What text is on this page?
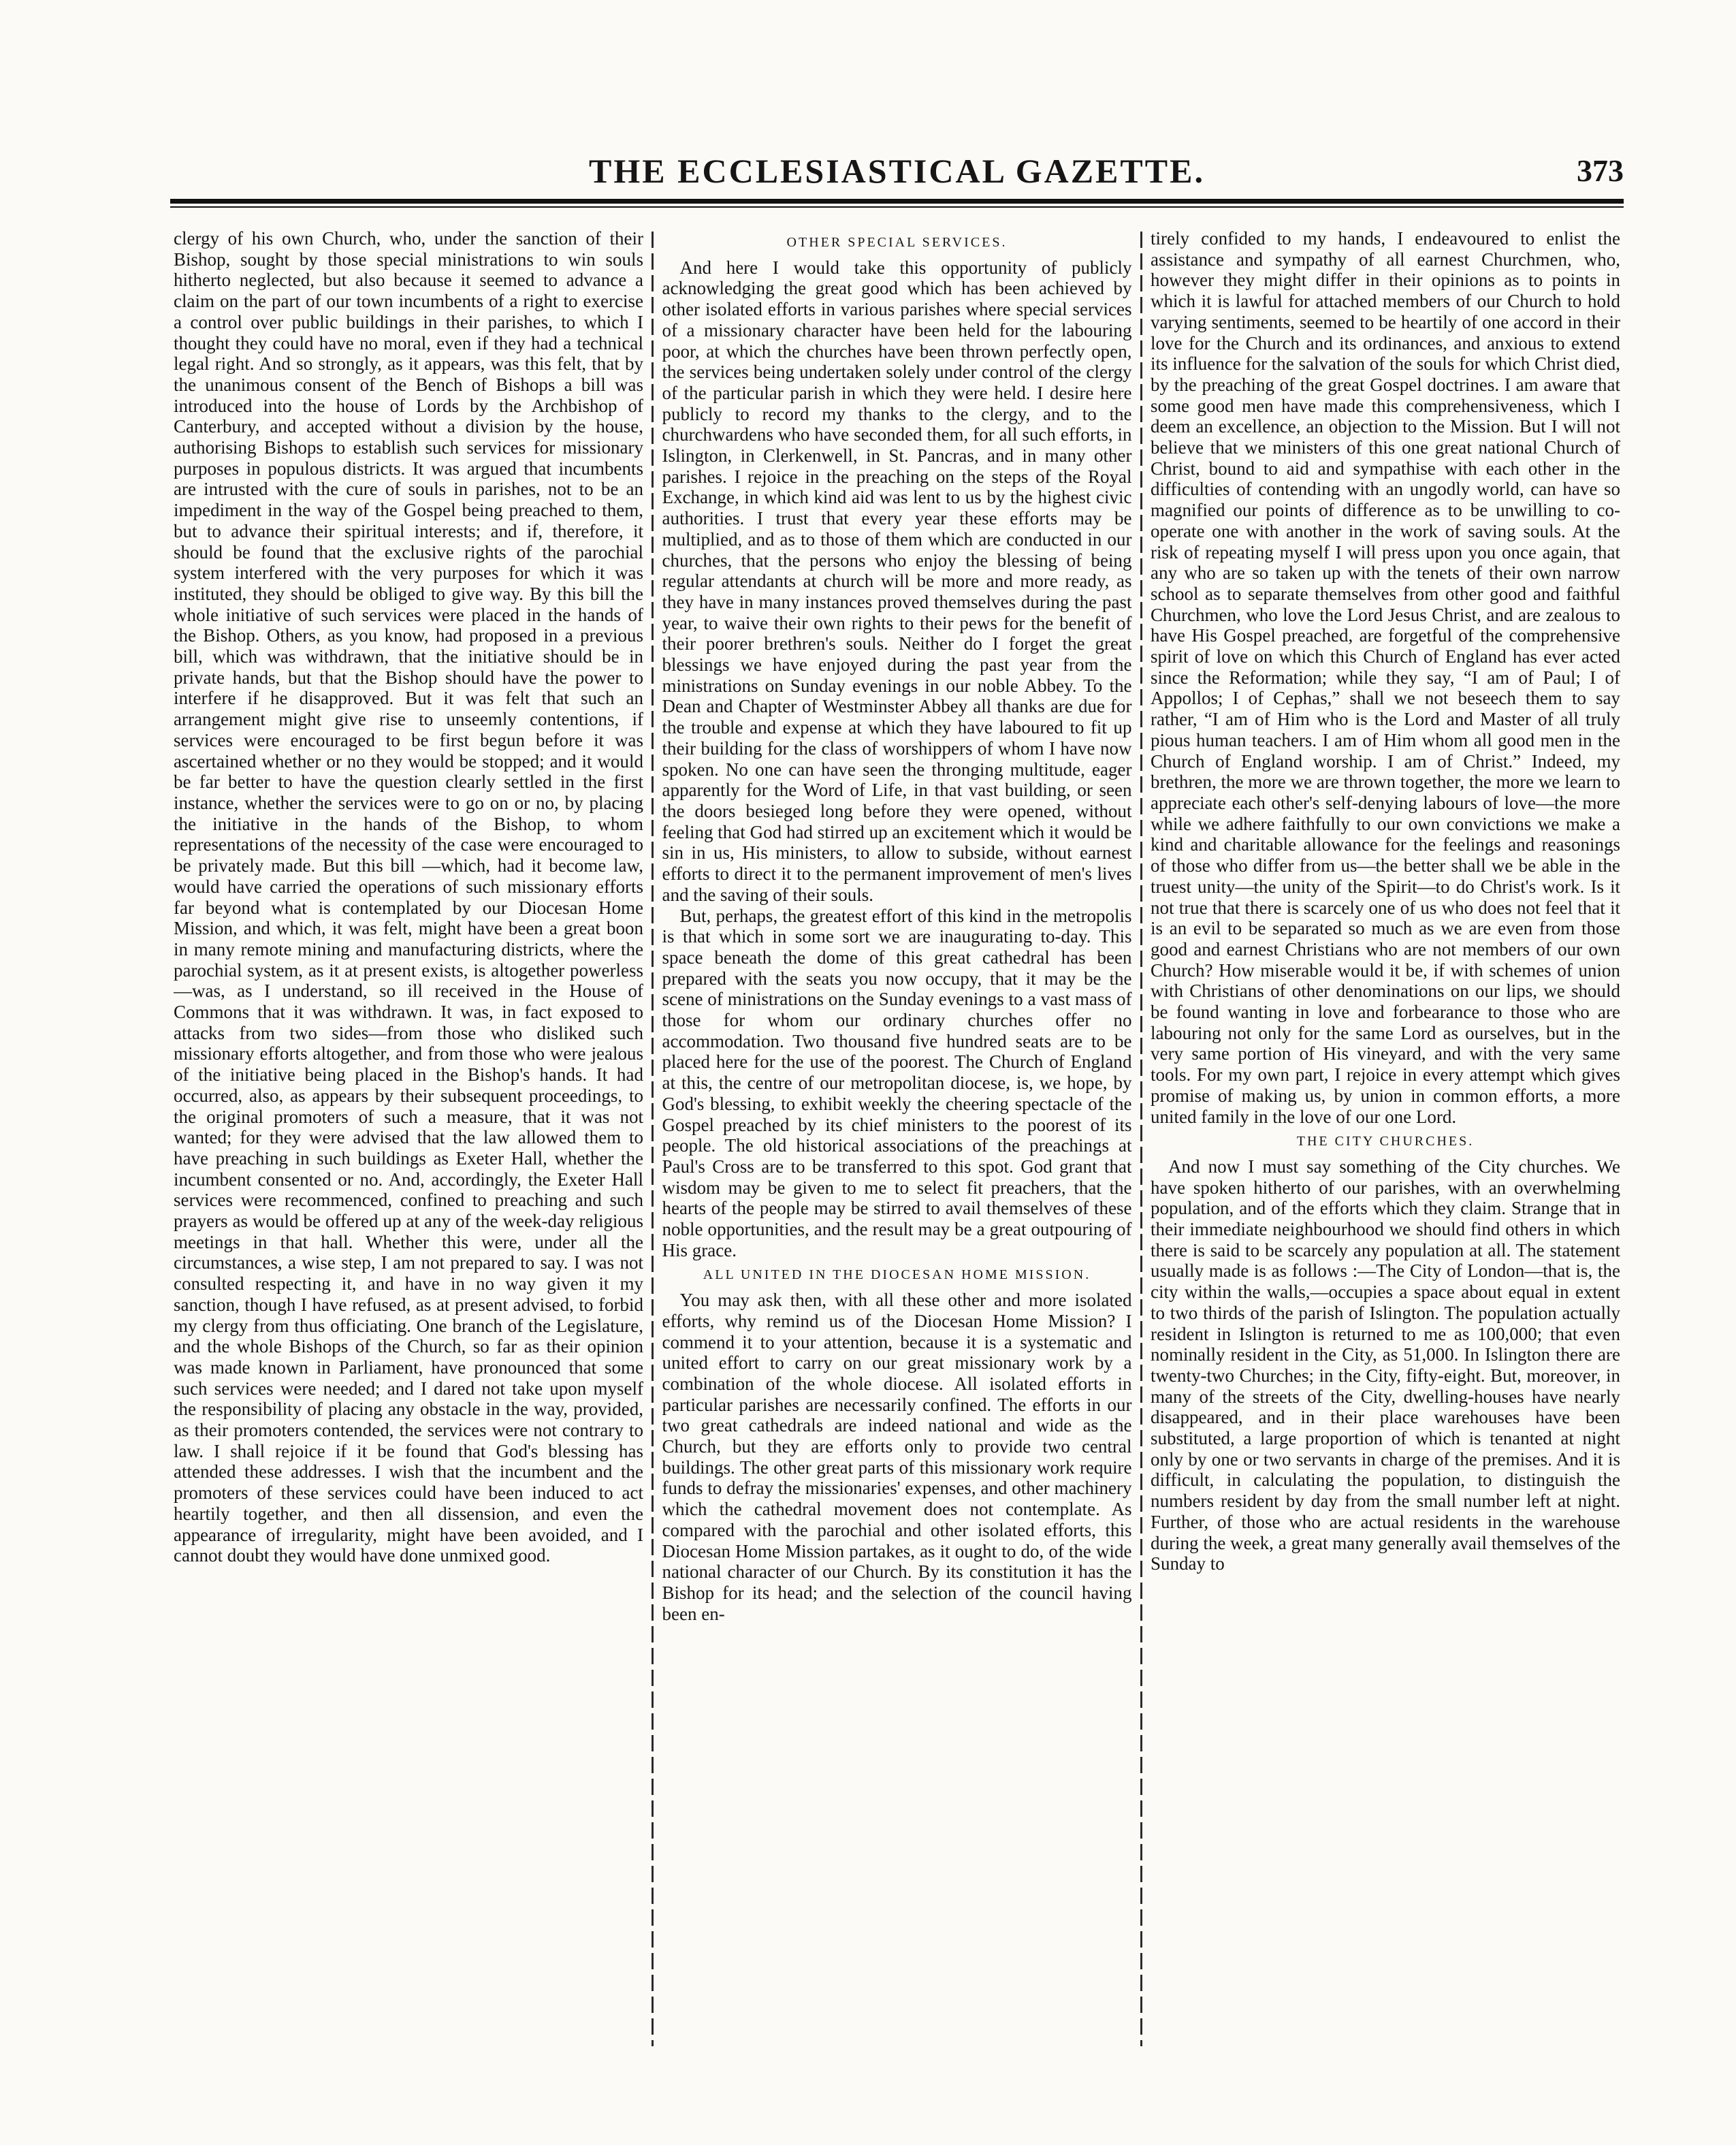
THE ECCLESIASTICAL GAZETTE.	373

clergy of his own Church, who, under the sanction of their Bishop, sought by those special ministrations to win souls hitherto neglected, but also because it seemed to advance a claim on the part of our town incumbents of a right to exercise a control over public buildings in their parishes, to which I thought they could have no moral, even if they had a technical legal right. And so strongly, as it appears, was this felt, that by the unanimous consent of the Bench of Bishops a bill was introduced into the house of Lords by the Archbishop of Canterbury, and accepted without a division by the house, authorising Bishops to establish such services for missionary purposes in populous districts. It was argued that incumbents are intrusted with the cure of souls in parishes, not to be an impediment in the way of the Gospel being preached to them, but to advance their spiritual interests; and if, therefore, it should be found that the exclusive rights of the parochial system interfered with the very purposes for which it was instituted, they should be obliged to give way. By this bill the whole initiative of such services were placed in the hands of the Bishop. Others, as you know, had proposed in a previous bill, which was withdrawn, that the initiative should be in private hands, but that the Bishop should have the power to interfere if he disapproved. But it was felt that such an arrangement might give rise to unseemly contentions, if services were encouraged to be first begun before it was ascertained whether or no they would be stopped; and it would be far better to have the question clearly settled in the first instance, whether the services were to go on or no, by placing the initiative in the hands of the Bishop, to whom representations of the necessity of the case were encouraged to be privately made. But this bill —which, had it become law, would have carried the operations of such missionary efforts far beyond what is contemplated by our Diocesan Home Mission, and which, it was felt, might have been a great boon in many remote mining and manufacturing districts, where the parochial system, as it at present exists, is altogether powerless—was, as I understand, so ill received in the House of Commons that it was withdrawn. It was, in fact exposed to attacks from two sides—from those who disliked such missionary efforts altogether, and from those who were jealous of the initiative being placed in the Bishop's hands. It had occurred, also, as appears by their subsequent proceedings, to the original promoters of such a measure, that it was not wanted; for they were advised that the law allowed them to have preaching in such buildings as Exeter Hall, whether the incumbent consented or no. And, accordingly, the Exeter Hall services were recommenced, confined to preaching and such prayers as would be offered up at any of the week-day religious meetings in that hall. Whether this were, under all the circumstances, a wise step, I am not prepared to say. I was not consulted respecting it, and have in no way given it my sanction, though I have refused, as at present advised, to forbid my clergy from thus officiating. One branch of the Legislature, and the whole Bishops of the Church, so far as their opinion was made known in Parliament, have pronounced that some such services were needed; and I dared not take upon myself the responsibility of placing any obstacle in the way, provided, as their promoters contended, the services were not contrary to law. I shall rejoice if it be found that God's blessing has attended these addresses. I wish that the incumbent and the promoters of these services could have been induced to act heartily together, and then all dissension, and even the appearance of irregularity, might have been avoided, and I cannot doubt they would have done unmixed good.

OTHER SPECIAL SERVICES.

And here I would take this opportunity of publicly acknowledging the great good which has been achieved by other isolated efforts in various parishes where special services of a missionary character have been held for the labouring poor, at which the churches have been thrown perfectly open, the services being undertaken solely under control of the clergy of the particular parish in which they were held. I desire here publicly to record my thanks to the clergy, and to the churchwardens who have seconded them, for all such efforts, in Islington, in Clerkenwell, in St. Pancras, and in many other parishes. I rejoice in the preaching on the steps of the Royal Exchange, in which kind aid was lent to us by the highest civic authorities. I trust that every year these efforts may be multiplied, and as to those of them which are conducted in our churches, that the persons who enjoy the blessing of being regular attendants at church will be more and more ready, as they have in many instances proved themselves during the past year, to waive their own rights to their pews for the benefit of their poorer brethren's souls. Neither do I forget the great blessings we have enjoyed during the past year from the ministrations on Sunday evenings in our noble Abbey. To the Dean and Chapter of Westminster Abbey all thanks are due for the trouble and expense at which they have laboured to fit up their building for the class of worshippers of whom I have now spoken. No one can have seen the thronging multitude, eager apparently for the Word of Life, in that vast building, or seen the doors besieged long before they were opened, without feeling that God had stirred up an excitement which it would be sin in us, His ministers, to allow to subside, without earnest efforts to direct it to the permanent improvement of men's lives and the saving of their souls.

But, perhaps, the greatest effort of this kind in the metropolis is that which in some sort we are inaugurating to-day. This space beneath the dome of this great cathedral has been prepared with the seats you now occupy, that it may be the scene of ministrations on the Sunday evenings to a vast mass of those for whom our ordinary churches offer no accommodation. Two thousand five hundred seats are to be placed here for the use of the poorest. The Church of England at this, the centre of our metropolitan diocese, is, we hope, by God's blessing, to exhibit weekly the cheering spectacle of the Gospel preached by its chief ministers to the poorest of its people. The old historical associations of the preachings at Paul's Cross are to be transferred to this spot. God grant that wisdom may be given to me to select fit preachers, that the hearts of the people may be stirred to avail themselves of these noble opportunities, and the result may be a great outpouring of His grace.

ALL UNITED IN THE DIOCESAN HOME MISSION.

You may ask then, with all these other and more isolated efforts, why remind us of the Diocesan Home Mission? I commend it to your attention, because it is a systematic and united effort to carry on our great missionary work by a combination of the whole diocese. All isolated efforts in particular parishes are necessarily confined. The efforts in our two great cathedrals are indeed national and wide as the Church, but they are efforts only to provide two central buildings. The other great parts of this missionary work require funds to defray the missionaries' expenses, and other machinery which the cathedral movement does not contemplate. As compared with the parochial and other isolated efforts, this Diocesan Home Mission partakes, as it ought to do, of the wide national character of our Church. By its constitution it has the Bishop for its head; and the selection of the council having been en-

tirely confided to my hands, I endeavoured to enlist the assistance and sympathy of all earnest Churchmen, who, however they might differ in their opinions as to points in which it is lawful for attached members of our Church to hold varying sentiments, seemed to be heartily of one accord in their love for the Church and its ordinances, and anxious to extend its influence for the salvation of the souls for which Christ died, by the preaching of the great Gospel doctrines. I am aware that some good men have made this comprehensiveness, which I deem an excellence, an objection to the Mission. But I will not believe that we ministers of this one great national Church of Christ, bound to aid and sympathise with each other in the difficulties of contending with an ungodly world, can have so magnified our points of difference as to be unwilling to co-operate one with another in the work of saving souls. At the risk of repeating myself I will press upon you once again, that any who are so taken up with the tenets of their own narrow school as to separate themselves from other good and faithful Churchmen, who love the Lord Jesus Christ, and are zealous to have His Gospel preached, are forgetful of the comprehensive spirit of love on which this Church of England has ever acted since the Reformation; while they say, “I am of Paul; I of Appollos; I of Cephas,” shall we not beseech them to say rather, “I am of Him who is the Lord and Master of all truly pious human teachers. I am of Him whom all good men in the Church of England worship. I am of Christ.” Indeed, my brethren, the more we are thrown together, the more we learn to appreciate each other's self-denying labours of love—the more while we adhere faithfully to our own convictions we make a kind and charitable allowance for the feelings and reasonings of those who differ from us—the better shall we be able in the truest unity—the unity of the Spirit—to do Christ's work. Is it not true that there is scarcely one of us who does not feel that it is an evil to be separated so much as we are even from those good and earnest Christians who are not members of our own Church? How miserable would it be, if with schemes of union with Christians of other denominations on our lips, we should be found wanting in love and forbearance to those who are labouring not only for the same Lord as ourselves, but in the very same portion of His vineyard, and with the very same tools. For my own part, I rejoice in every attempt which gives promise of making us, by union in common efforts, a more united family in the love of our one Lord.

THE CITY CHURCHES.

And now I must say something of the City churches. We have spoken hitherto of our parishes, with an overwhelming population, and of the efforts which they claim. Strange that in their immediate neighbourhood we should find others in which there is said to be scarcely any population at all. The statement usually made is as follows :—The City of London—that is, the city within the walls,—occupies a space about equal in extent to two thirds of the parish of Islington. The population actually resident in Islington is returned to me as 100,000; that even nominally resident in the City, as 51,000. In Islington there are twenty-two Churches; in the City, fifty-eight. But, moreover, in many of the streets of the City, dwelling-houses have nearly disappeared, and in their place warehouses have been substituted, a large proportion of which is tenanted at night only by one or two servants in charge of the premises. And it is difficult, in calculating the population, to distinguish the numbers resident by day from the small number left at night. Further, of those who are actual residents in the warehouse during the week, a great many generally avail themselves of the Sunday to
